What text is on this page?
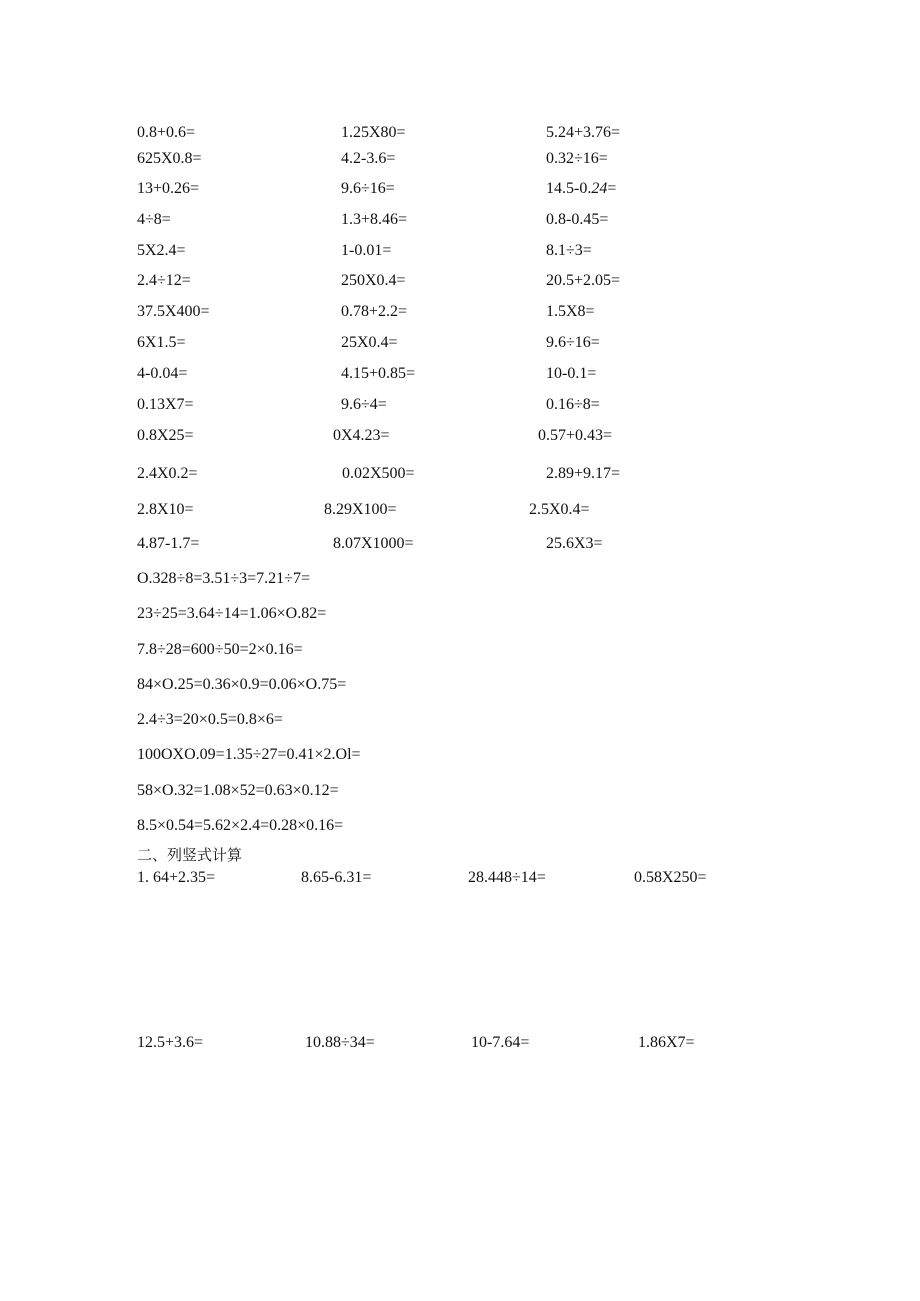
0.8+0.6=	1.25X80=	5.24+3.76=
625X0.8=	4.2-3.6=	0.32÷16=
13+0.26=	9.6÷16=	14.5-0.24=
4÷8=	1.3+8.46=	0.8-0.45=
5X2.4=	1-0.01=	8.1÷3=
2.4÷12=	250X0.4=	20.5+2.05=
37.5X400=	0.78+2.2=	1.5X8=
6X1.5=	25X0.4=	9.6÷16=
4-0.04=	4.15+0.85=	10-0.1=
0.13X7=	9.6÷4=	0.16÷8=
0.8X25=	0X4.23=	0.57+0.43=
2.4X0.2=	0.02X500=	2.89+9.17=
2.8X10=	8.29X100=	2.5X0.4=
4.87-1.7=	8.07X1000=	25.6X3=
O.328÷8=3.51÷3=7.21÷7=
23÷25=3.64÷14=1.06×O.82=
7.8÷28=600÷50=2×0.16=
84×O.25=0.36×0.9=0.06×O.75=
2.4÷3=20×0.5=0.8×6=
100OXO.09=1.35÷27=0.41×2.Ol=
58×O.32=1.08×52=0.63×0.12=
8.5×0.54=5.62×2.4=0.28×0.16=
二、列竖式计算
1. 64+2.35=	8.65-6.31=	28.448÷14=	0.58X250=
12.5+3.6=	10.88÷34=	10-7.64=	1.86X7=
